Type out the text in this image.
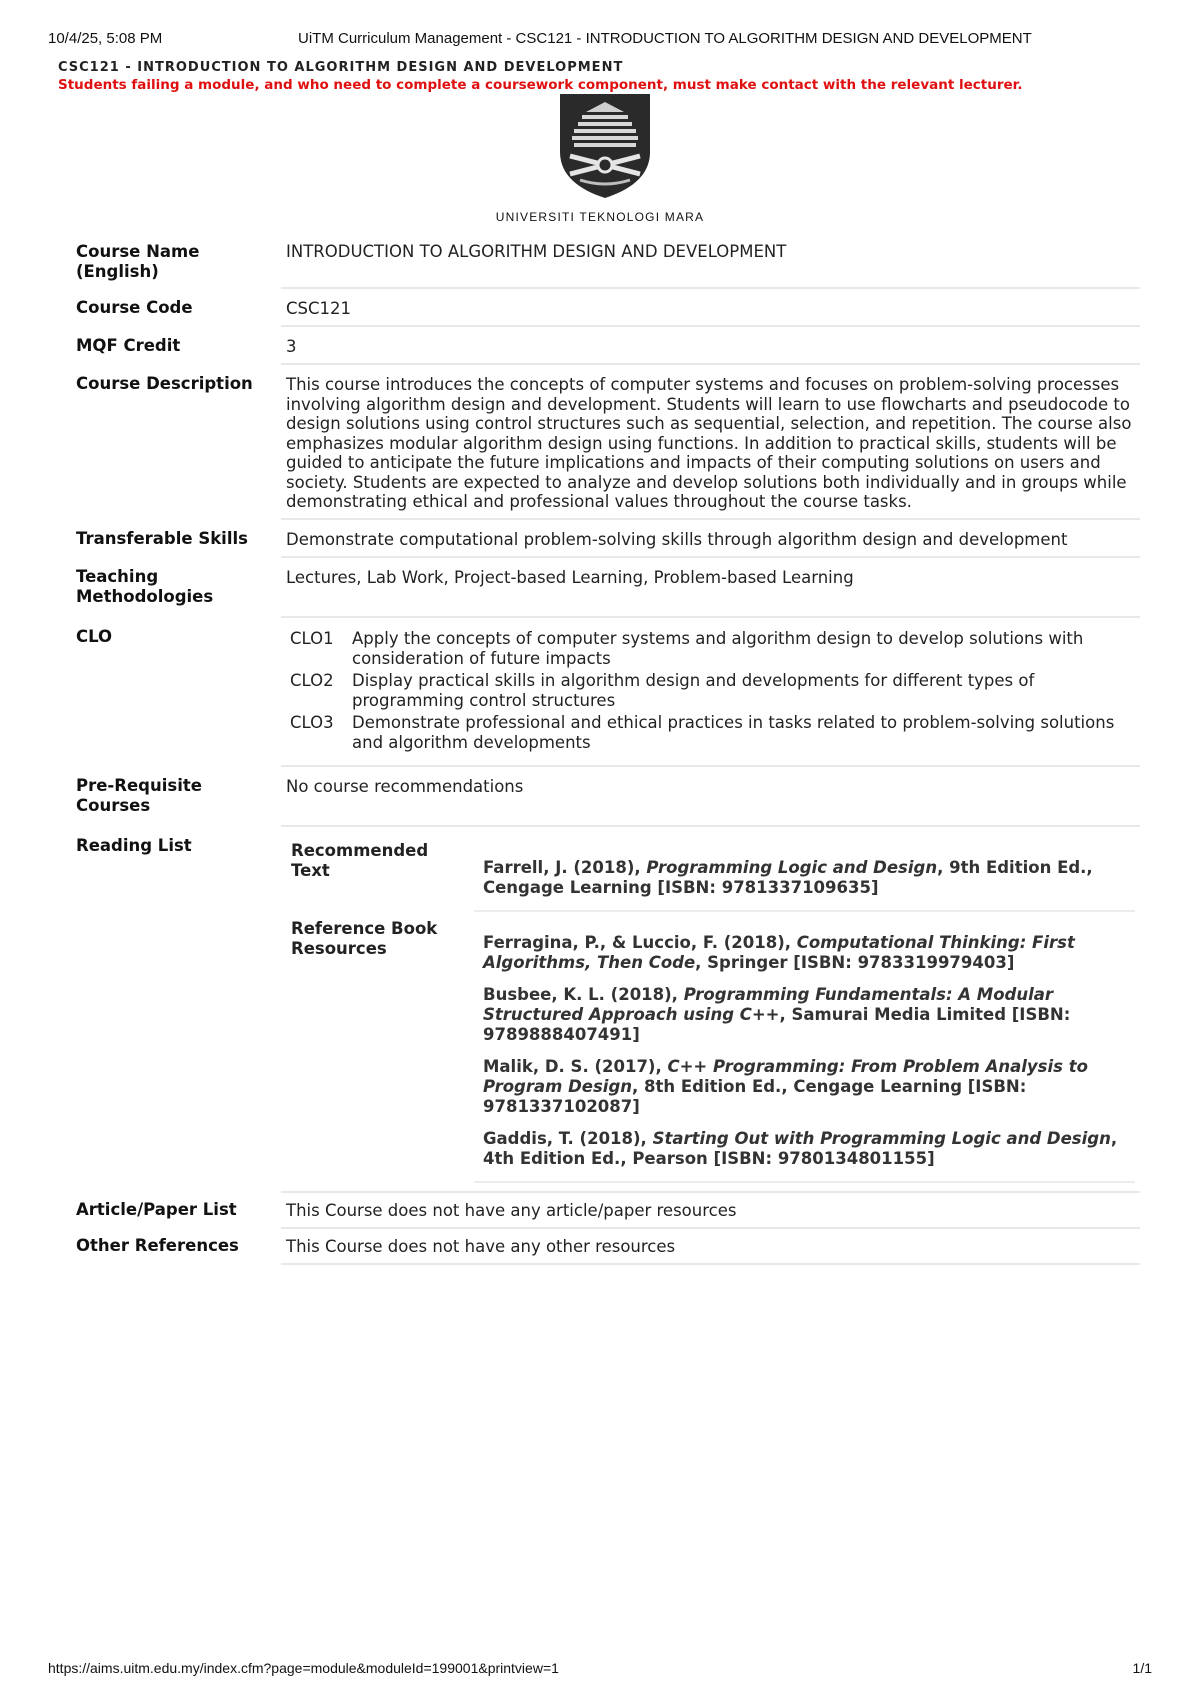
10/4/25, 5:08 PM	UiTM Curriculum Management - CSC121 - INTRODUCTION TO ALGORITHM DESIGN AND DEVELOPMENT
CSC121 - INTRODUCTION TO ALGORITHM DESIGN AND DEVELOPMENT
Students failing a module, and who need to complete a coursework component, must make contact with the relevant lecturer.
UNIVERSITI TEKNOLOGI MARA
Course Name (English)	INTRODUCTION TO ALGORITHM DESIGN AND DEVELOPMENT
Course Code	CSC121
MQF Credit	3
Course Description	This course introduces the concepts of computer systems and focuses on problem-solving processes involving algorithm design and development. Students will learn to use flowcharts and pseudocode to design solutions using control structures such as sequential, selection, and repetition. The course also emphasizes modular algorithm design using functions. In addition to practical skills, students will be guided to anticipate the future implications and impacts of their computing solutions on users and society. Students are expected to analyze and develop solutions both individually and in groups while demonstrating ethical and professional values throughout the course tasks.
Transferable Skills	Demonstrate computational problem-solving skills through algorithm design and development
Teaching Methodologies	Lectures, Lab Work, Project-based Learning, Problem-based Learning
CLO		CLO1	Apply the concepts of computer systems and algorithm design to develop solutions with consideration of future impacts
CLO2	Display practical skills in algorithm design and developments for different types of programming control structures
CLO3	Demonstrate professional and ethical practices in tasks related to problem-solving solutions and algorithm developments

Pre-Requisite Courses	No course recommendations
Reading List		Recommended Text	Farrell, J. (2018), Programming Logic and Design, 9th Edition Ed., Cengage Learning [ISBN: 9781337109635]

Reference Book Resources	Ferragina, P., & Luccio, F. (2018), Computational Thinking: First Algorithms, Then Code, Springer [ISBN: 9783319979403]
Busbee, K. L. (2018), Programming Fundamentals: A Modular Structured Approach using C++, Samurai Media Limited [ISBN: 9789888407491]
Malik, D. S. (2017), C++ Programming: From Problem Analysis to Program Design, 8th Edition Ed., Cengage Learning [ISBN: 9781337102087]
Gaddis, T. (2018), Starting Out with Programming Logic and Design, 4th Edition Ed., Pearson [ISBN: 9780134801155]

Article/Paper List	This Course does not have any article/paper resources
Other References	This Course does not have any other resources
https://aims.uitm.edu.my/index.cfm?page=module&moduleId=199001&printview=1	1/1
